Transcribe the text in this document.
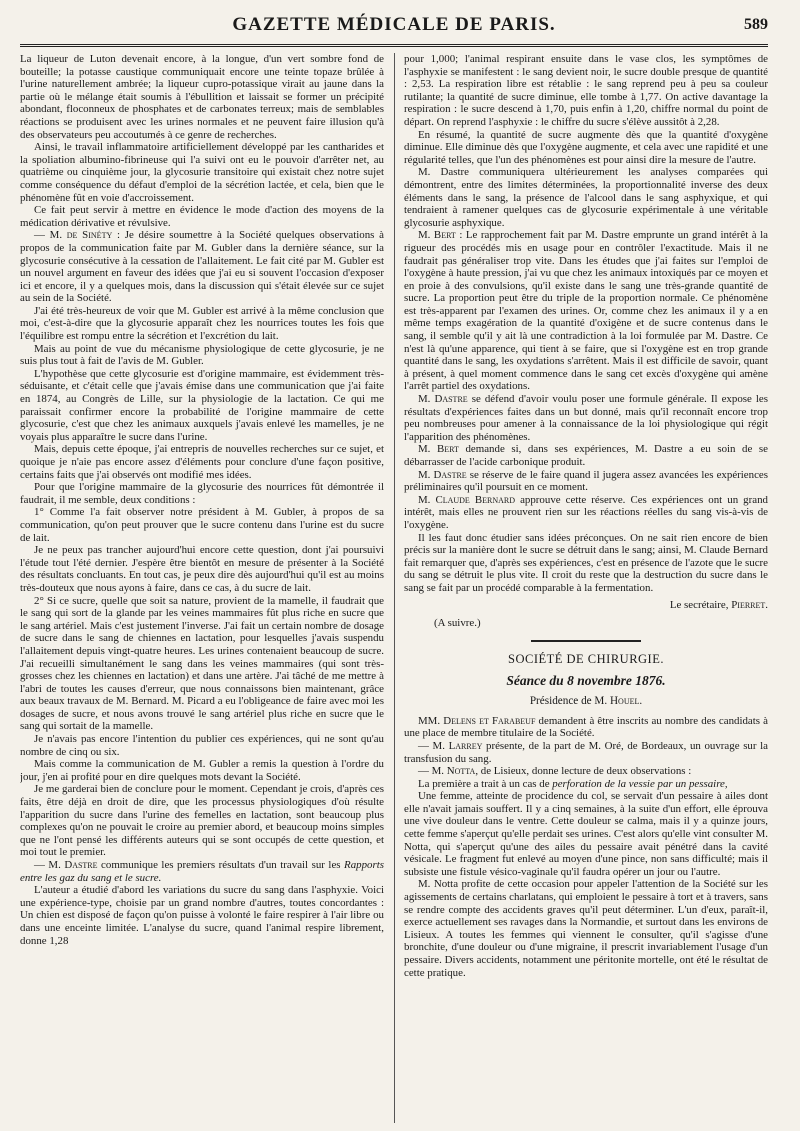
GAZETTE MÉDICALE DE PARIS.	589

La liqueur de Luton devenait encore, à la longue, d'un vert sombre fond de bouteille; la potasse caustique communiquait encore une teinte topaze brûlée à l'urine naturellement ambrée; la liqueur cupro-potassique virait au jaune dans la partie où le mélange était soumis à l'ébullition et laissait se former un précipité abondant, floconneux de phosphates et de carbonates terreux; mais de semblables réactions se produisent avec les urines normales et ne peuvent faire illusion qu'à des observateurs peu accoutumés à ce genre de recherches.

Ainsi, le travail inflammatoire artificiellement développé par les cantharides et la spoliation albumino-fibrineuse qui l'a suivi ont eu le pouvoir d'arrêter net, au quatrième ou cinquième jour, la glycosurie transitoire qui existait chez notre sujet comme conséquence du défaut d'emploi de la sécrétion lactée, et cela, bien que le phénomène fût en voie d'accroissement.

Ce fait peut servir à mettre en évidence le mode d'action des moyens de la médication dérivative et révulsive.

— M. de Sinéty : Je désire soumettre à la Société quelques observations à propos de la communication faite par M. Gubler dans la dernière séance, sur la glycosurie consécutive à la cessation de l'allaitement. Le fait cité par M. Gubler est un nouvel argument en faveur des idées que j'ai eu si souvent l'occasion d'exposer ici et encore, il y a quelques mois, dans la discussion qui s'était élevée sur ce sujet au sein de la Société.

J'ai été très-heureux de voir que M. Gubler est arrivé à la même conclusion que moi, c'est-à-dire que la glycosurie apparaît chez les nourrices toutes les fois que l'équilibre est rompu entre la sécrétion et l'excrétion du lait.

Mais au point de vue du mécanisme physiologique de cette glycosurie, je ne suis plus tout à fait de l'avis de M. Gubler.

L'hypothèse que cette glycosurie est d'origine mammaire, est évidemment très-séduisante, et c'était celle que j'avais émise dans une communication que j'ai faite en 1874, au Congrès de Lille, sur la physiologie de la lactation. Ce qui me paraissait confirmer encore la probabilité de l'origine mammaire de cette glycosurie, c'est que chez les animaux auxquels j'avais enlevé les mamelles, je ne voyais plus apparaître le sucre dans l'urine.

Mais, depuis cette époque, j'ai entrepris de nouvelles recherches sur ce sujet, et quoique je n'aie pas encore assez d'éléments pour conclure d'une façon positive, certains faits que j'ai observés ont modifié mes idées.

Pour que l'origine mammaire de la glycosurie des nourrices fût démontrée il faudrait, il me semble, deux conditions :

1° Comme l'a fait observer notre président à M. Gubler, à propos de sa communication, qu'on peut prouver que le sucre contenu dans l'urine est du sucre de lait.

Je ne peux pas trancher aujourd'hui encore cette question, dont j'ai poursuivi l'étude tout l'été dernier. J'espère être bientôt en mesure de présenter à la Société des résultats concluants. En tout cas, je peux dire dès aujourd'hui qu'il est au moins très-douteux que nous ayons à faire, dans ce cas, à du sucre de lait.

2° Si ce sucre, quelle que soit sa nature, provient de la mamelle, il faudrait que le sang qui sort de la glande par les veines mammaires fût plus riche en sucre que le sang artériel. Mais c'est justement l'inverse. J'ai fait un certain nombre de dosage de sucre dans le sang de chiennes en lactation, pour lesquelles j'avais suspendu l'allaitement depuis vingt-quatre heures. Les urines contenaient beaucoup de sucre. J'ai recueilli simultanément le sang dans les veines mammaires (qui sont très-grosses chez les chiennes en lactation) et dans une artère. J'ai tâché de me mettre à l'abri de toutes les causes d'erreur, que nous connaissons bien maintenant, grâce aux beaux travaux de M. Bernard. M. Picard a eu l'obligeance de faire avec moi les dosages de sucre, et nous avons trouvé le sang artériel plus riche en sucre que le sang qui sortait de la mamelle.

Je n'avais pas encore l'intention du publier ces expériences, qui ne sont qu'au nombre de cinq ou six.

Mais comme la communication de M. Gubler a remis la question à l'ordre du jour, j'en ai profité pour en dire quelques mots devant la Société.

Je me garderai bien de conclure pour le moment. Cependant je crois, d'après ces faits, être déjà en droit de dire, que les processus physiologiques d'où résulte l'apparition du sucre dans l'urine des femelles en lactation, sont beaucoup plus complexes qu'on ne pouvait le croire au premier abord, et beaucoup moins simples que ne l'ont pensé les différents auteurs qui se sont occupés de cette question, et moi tout le premier.

— M. Dastre communique les premiers résultats d'un travail sur les Rapports entre les gaz du sang et le sucre.

L'auteur a étudié d'abord les variations du sucre du sang dans l'asphyxie. Voici une expérience-type, choisie par un grand nombre d'autres, toutes concordantes : Un chien est disposé de façon qu'on puisse à volonté le faire respirer à l'air libre ou dans une enceinte limitée. L'analyse du sucre, quand l'animal respire librement, donne 1,28

pour 1,000; l'animal respirant ensuite dans le vase clos, les symptômes de l'asphyxie se manifestent : le sang devient noir, le sucre double presque de quantité : 2,53. La respiration libre est rétablie : le sang reprend peu à peu sa couleur rutilante; la quantité de sucre diminue, elle tombe à 1,77. On active davantage la respiration : le sucre descend à 1,70, puis enfin à 1,20, chiffre normal du point de départ. On reprend l'asphyxie : le chiffre du sucre s'élève aussitôt à 2,28.

En résumé, la quantité de sucre augmente dès que la quantité d'oxygène diminue. Elle diminue dès que l'oxygène augmente, et cela avec une rapidité et une régularité telles, que l'un des phénomènes est pour ainsi dire la mesure de l'autre.

M. Dastre communiquera ultérieurement les analyses comparées qui démontrent, entre des limites déterminées, la proportionnalité inverse des deux éléments dans le sang, la présence de l'alcool dans le sang asphyxique, et qui tendraient à ramener quelques cas de glycosurie expérimentale à une véritable glycosurie asphyxique.

M. Bert : Le rapprochement fait par M. Dastre emprunte un grand intérêt à la rigueur des procédés mis en usage pour en contrôler l'exactitude. Mais il ne faudrait pas généraliser trop vite. Dans les études que j'ai faites sur l'emploi de l'oxygène à haute pression, j'ai vu que chez les animaux intoxiqués par ce moyen et en proie à des convulsions, qu'il existe dans le sang une très-grande quantité de sucre. La proportion peut être du triple de la proportion normale. Ce phénomène est très-apparent par l'examen des urines. Or, comme chez les animaux il y a en même temps exagération de la quantité d'oxigène et de sucre contenus dans le sang, il semble qu'il y ait là une contradiction à la loi formulée par M. Dastre. Ce n'est là qu'une apparence, qui tient à se faire, que si l'oxygène est en trop grande quantité dans le sang, les oxydations s'arrêtent. Mais il est difficile de savoir, quant à présent, à quel moment commence dans le sang cet excès d'oxygène qui amène l'arrêt partiel des oxydations.

M. Dastre se défend d'avoir voulu poser une formule générale. Il expose les résultats d'expériences faites dans un but donné, mais qu'il reconnaît encore trop peu nombreuses pour amener à la connaissance de la loi physiologique qui régit l'apparition des phénomènes.

M. Bert demande si, dans ses expériences, M. Dastre a eu soin de se débarrasser de l'acide carbonique produit.

M. Dastre se réserve de le faire quand il jugera assez avancées les expériences préliminaires qu'il poursuit en ce moment.

M. Claude Bernard approuve cette réserve. Ces expériences ont un grand intérêt, mais elles ne prouvent rien sur les réactions réelles du sang vis-à-vis de l'oxygène.

Il les faut donc étudier sans idées préconçues. On ne sait rien encore de bien précis sur la manière dont le sucre se détruit dans le sang; ainsi, M. Claude Bernard fait remarquer que, d'après ses expériences, c'est en présence de l'azote que le sucre du sang se détruit le plus vite. Il croit du reste que la destruction du sucre dans le sang se fait par un procédé comparable à la fermentation.

Le secrétaire, Pierret.

(A suivre.)

SOCIÉTÉ DE CHIRURGIE.
Séance du 8 novembre 1876.
Présidence de M. Houel.

MM. Delens et Farabeuf demandent à être inscrits au nombre des candidats à une place de membre titulaire de la Société.

— M. Larrey présente, de la part de M. Oré, de Bordeaux, un ouvrage sur la transfusion du sang.

— M. Notta, de Lisieux, donne lecture de deux observations :

La première a trait à un cas de perforation de la vessie par un pessaire,

Une femme, atteinte de procidence du col, se servait d'un pessaire à ailes dont elle n'avait jamais souffert. Il y a cinq semaines, à la suite d'un effort, elle éprouva une vive douleur dans le ventre. Cette douleur se calma, mais il y a quinze jours, cette femme s'aperçut qu'elle perdait ses urines. C'est alors qu'elle vint consulter M. Notta, qui s'aperçut qu'une des ailes du pessaire avait pénétré dans la cavité vésicale. Le fragment fut enlevé au moyen d'une pince, non sans difficulté; mais il subsiste une fistule vésico-vaginale qu'il faudra opérer un jour ou l'autre.

M. Notta profite de cette occasion pour appeler l'attention de la Société sur les agissements de certains charlatans, qui emploient le pessaire à tort et à travers, sans se rendre compte des accidents graves qu'il peut déterminer. L'un d'eux, paraît-il, exerce actuellement ses ravages dans la Normandie, et surtout dans les environs de Lisieux. A toutes les femmes qui viennent le consulter, qu'il s'agisse d'une bronchite, d'une douleur ou d'une migraine, il prescrit invariablement l'usage d'un pessaire. Divers accidents, notamment une péritonite mortelle, ont été le résultat de cette pratique.
